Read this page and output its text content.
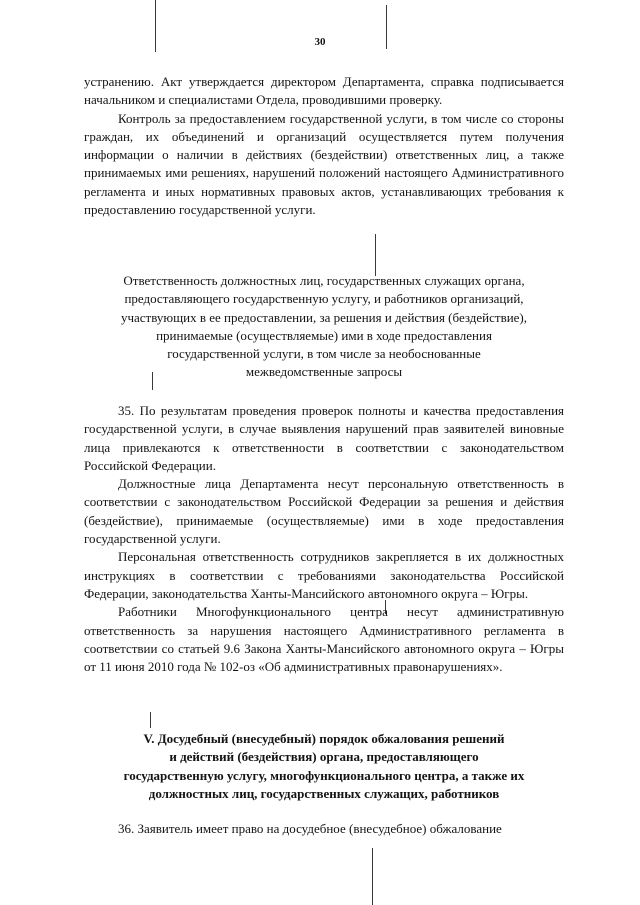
30

устранению. Акт утверждается директором Департамента, справка подписывается начальником и специалистами Отдела, проводившими проверку.

Контроль за предоставлением государственной услуги, в том числе со стороны граждан, их объединений и организаций осуществляется путем получения информации о наличии в действиях (бездействии) ответственных лиц, а также принимаемых ими решениях, нарушений положений настоящего Административного регламента и иных нормативных правовых актов, устанавливающих требования к предоставлению государственной услуги.

Ответственность должностных лиц, государственных служащих органа,

предоставляющего государственную услугу, и работников организаций,

участвующих в ее предоставлении, за решения и действия (бездействие),

принимаемые (осуществляемые) ими в ходе предоставления

государственной услуги, в том числе за необоснованные

межведомственные запросы

35. По результатам проведения проверок полноты и качества предоставления государственной услуги, в случае выявления нарушений прав заявителей виновные лица привлекаются к ответственности в соответствии с законодательством Российской Федерации.

Должностные лица Департамента несут персональную ответственность в соответствии с законодательством Российской Федерации за решения и действия (бездействие), принимаемые (осуществляемые) ими в ходе предоставления государственной услуги.

Персональная ответственность сотрудников закрепляется в их должностных инструкциях в соответствии с требованиями законодательства Российской Федерации, законодательства Ханты-Мансийского автономного округа – Югры.

Работники Многофункционального центра несут административную ответственность за нарушения настоящего Административного регламента в соответствии со статьей 9.6 Закона Ханты-Мансийского автономного округа – Югры от 11 июня 2010 года № 102-оз «Об административных правонарушениях».

V. Досудебный (внесудебный) порядок обжалования решений

и действий (бездействия) органа, предоставляющего

государственную услугу, многофункционального центра, а также их

должностных лиц, государственных служащих, работников

36. Заявитель имеет право на досудебное (внесудебное) обжалование
